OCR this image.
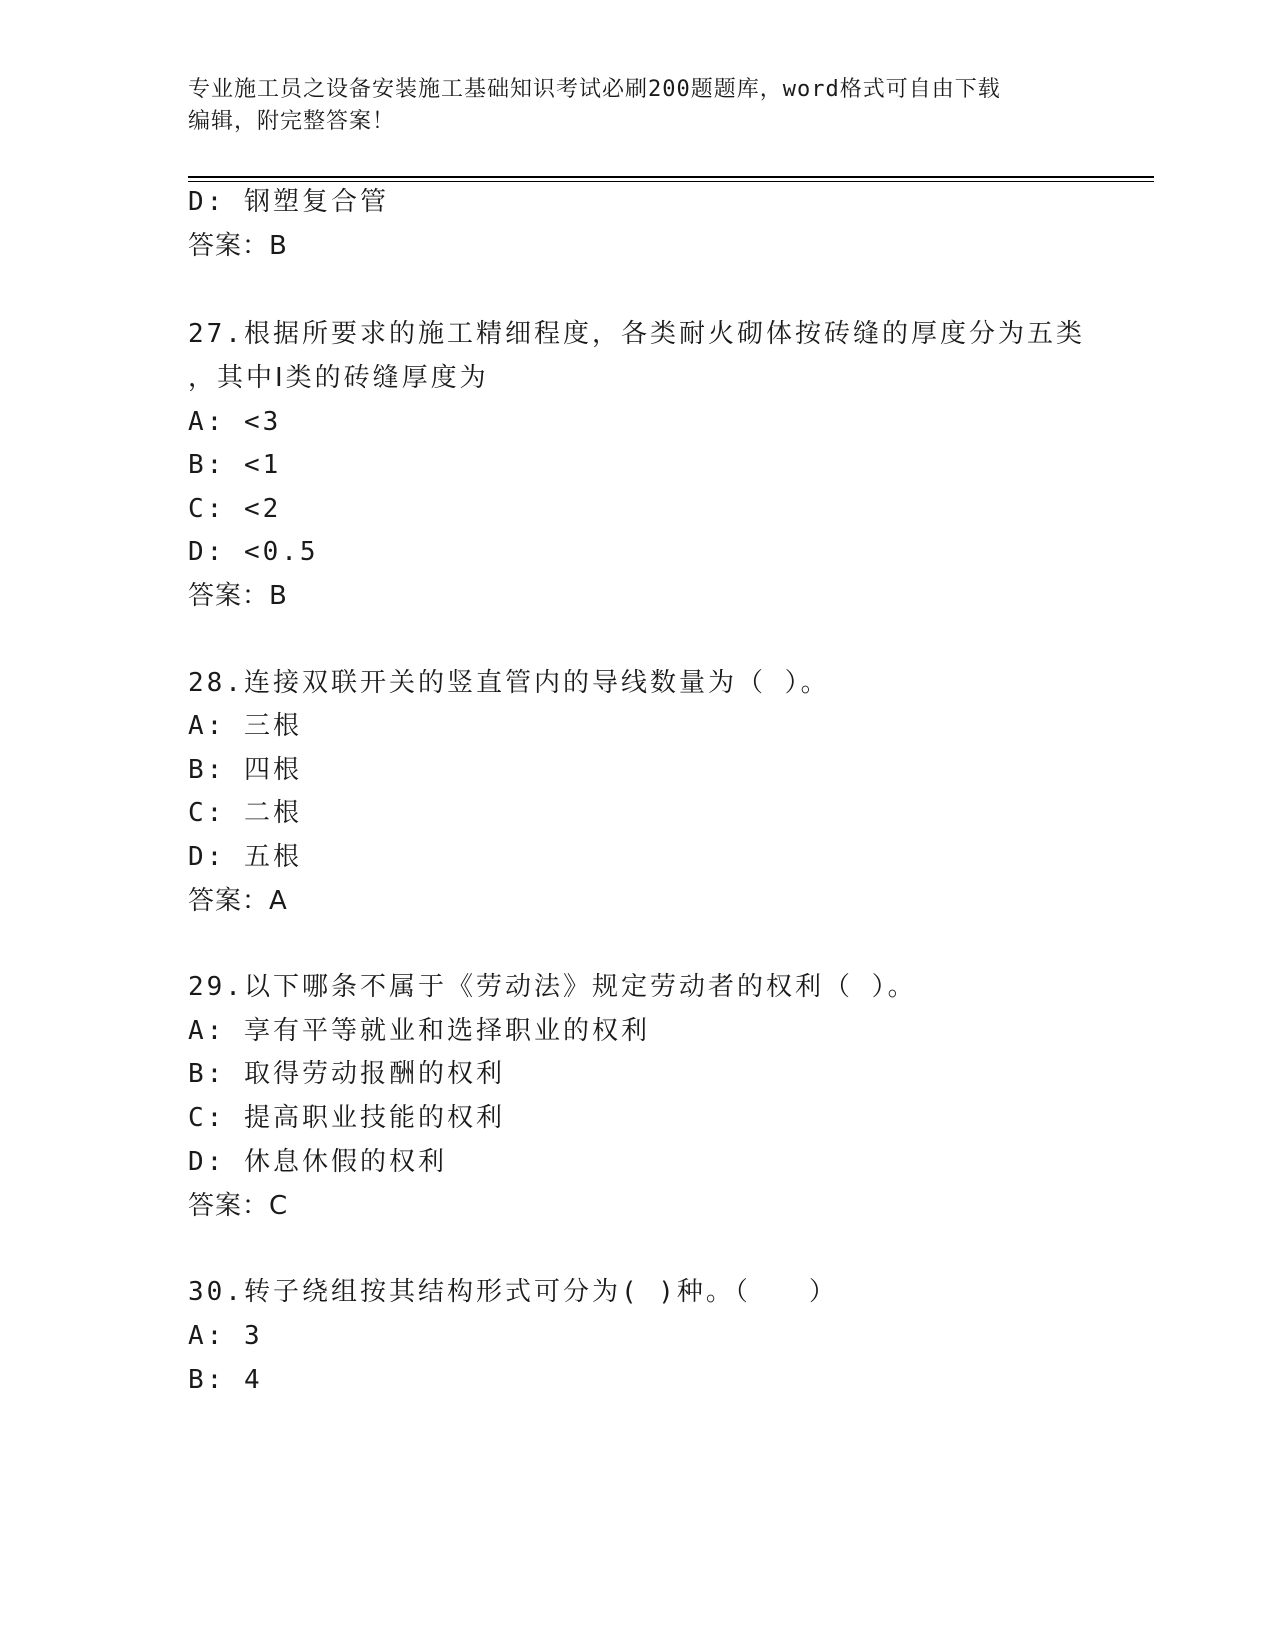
专业施工员之设备安装施工基础知识考试必刷200题题库，word格式可自由下载
编辑，附完整答案！
D: 钢塑复合管
答案：B
27.根据所要求的施工精细程度，各类耐火砌体按砖缝的厚度分为五类
，其中Ⅰ类的砖缝厚度为
A: <3
B: <1
C: <2
D: <0.5
答案：B
28.连接双联开关的竖直管内的导线数量为（ ）。
A: 三根
B: 四根
C: 二根
D: 五根
答案：A
29.以下哪条不属于《劳动法》规定劳动者的权利（ ）。
A: 享有平等就业和选择职业的权利
B: 取得劳动报酬的权利
C: 提高职业技能的权利
D: 休息休假的权利
答案：C
30.转子绕组按其结构形式可分为( )种。（　　）
A: 3
B: 4
